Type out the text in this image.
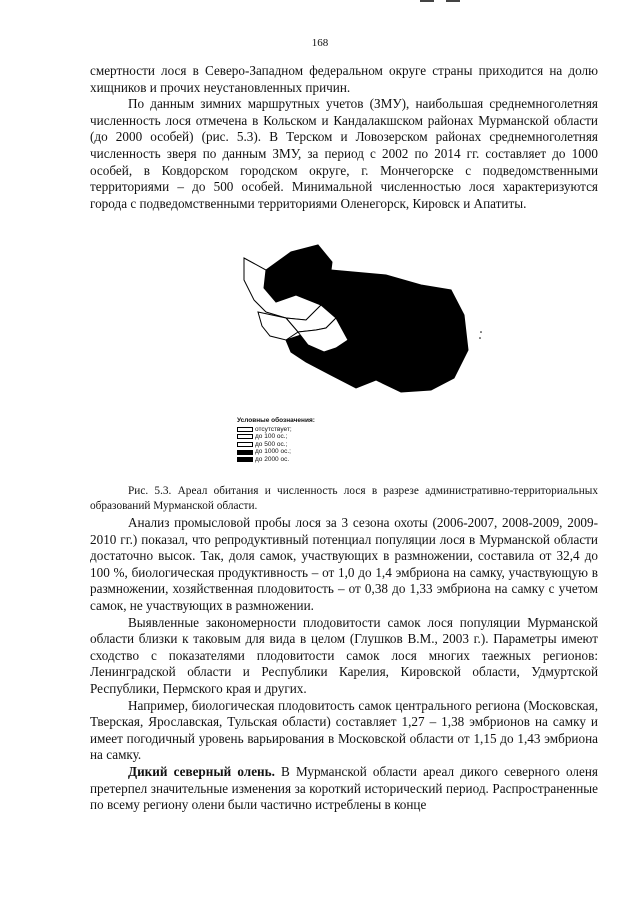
168

смертности лося в Северо-Западном федеральном округе страны приходится на долю хищников и прочих неустановленных причин.

По данным зимних маршрутных учетов (ЗМУ), наибольшая среднемноголетняя численность лося отмечена в Кольском и Кандалакшском районах Мурманской области (до 2000 особей) (рис. 5.3). В Терском и Ловозерском районах среднемноголетняя численность зверя по данным ЗМУ, за период с 2002 по 2014 гг. составляет до 1000 особей, в Ковдорском городском округе, г. Мончегорске с подведомственными территориями – до 500 особей. Минимальной численностью лося характеризуются города с подведомственными территориями Оленегорск, Кировск и Апатиты.

Условные обозначения:
отсутствует;
до 100 ос.;
до 500 ос.;
до 1000 ос.;
до 2000 ос.
Рис. 5.3. Ареал обитания и численность лося в разрезе административно-территориальных образований Мурманской области.

Анализ промысловой пробы лося за 3 сезона охоты (2006-2007, 2008-2009, 2009-2010 гг.) показал, что репродуктивный потенциал популяции лося в Мурманской области достаточно высок. Так, доля самок, участвующих в размножении, составила от 32,4 до 100 %, биологическая продуктивность – от 1,0 до 1,4 эмбриона на самку, участвующую в размножении, хозяйственная плодовитость – от 0,38 до 1,33 эмбриона на самку с учетом самок, не участвующих в размножении.

Выявленные закономерности плодовитости самок лося популяции Мурманской области близки к таковым для вида в целом (Глушков В.М., 2003 г.). Параметры имеют сходство с показателями плодовитости самок лося многих таежных регионов: Ленинградской области и Республики Карелия, Кировской области, Удмуртской Республики, Пермского края и других.

Например, биологическая плодовитость самок центрального региона (Московская, Тверская, Ярославская, Тульская области) составляет 1,27 – 1,38 эмбрионов на самку и имеет погодичный уровень варьирования в Московской области от 1,15 до 1,43 эмбриона на самку.

Дикий северный олень. В Мурманской области ареал дикого северного оленя претерпел значительные изменения за короткий исторический период. Распространенные по всему региону олени были частично истреблены в конце
